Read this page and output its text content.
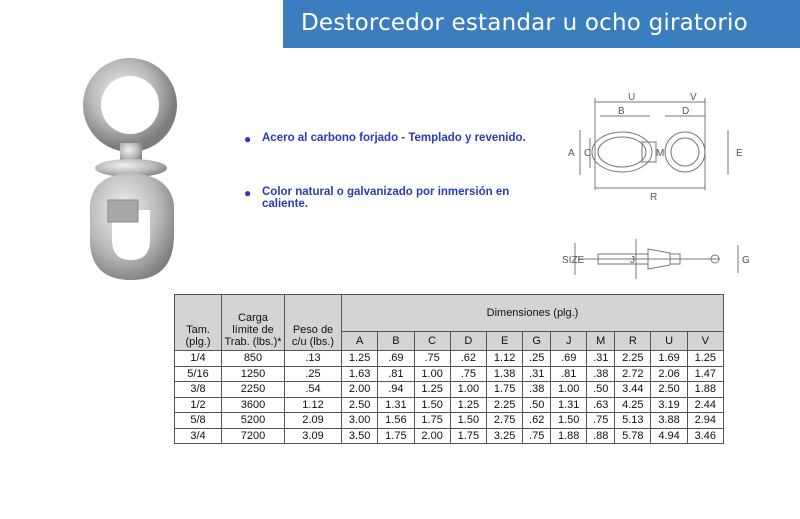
Destorcedor estandar u ocho giratorio
● Acero al carbono forjado - Templado y revenido.
● Color natural o galvanizado por inmersión en caliente.
U	V
B	D
A C	E
R
M
SIZE	J	G
Tam. (plg.)	Carga límite de Trab. (lbs.)*	Peso de c/u (lbs.)	Dimensiones (plg.)										
			A	B	C	D	E	G	J	M	R	U	V
1/4	850	.13	1.25	.69	.75	.62	1.12	.25	.69	.31	2.25	1.69	1.25
5/16	1250	.25	1.63	.81	1.00	.75	1.38	.31	.81	.38	2.72	2.06	1.47
3/8	2250	.54	2.00	.94	1.25	1.00	1.75	.38	1.00	.50	3.44	2.50	1.88
1/2	3600	1.12	2.50	1.31	1.50	1.25	2.25	.50	1.31	.63	4.25	3.19	2.44
5/8	5200	2.09	3.00	1.56	1.75	1.50	2.75	.62	1.50	.75	5.13	3.88	2.94
3/4	7200	3.09	3.50	1.75	2.00	1.75	3.25	.75	1.88	.88	5.78	4.94	3.46
